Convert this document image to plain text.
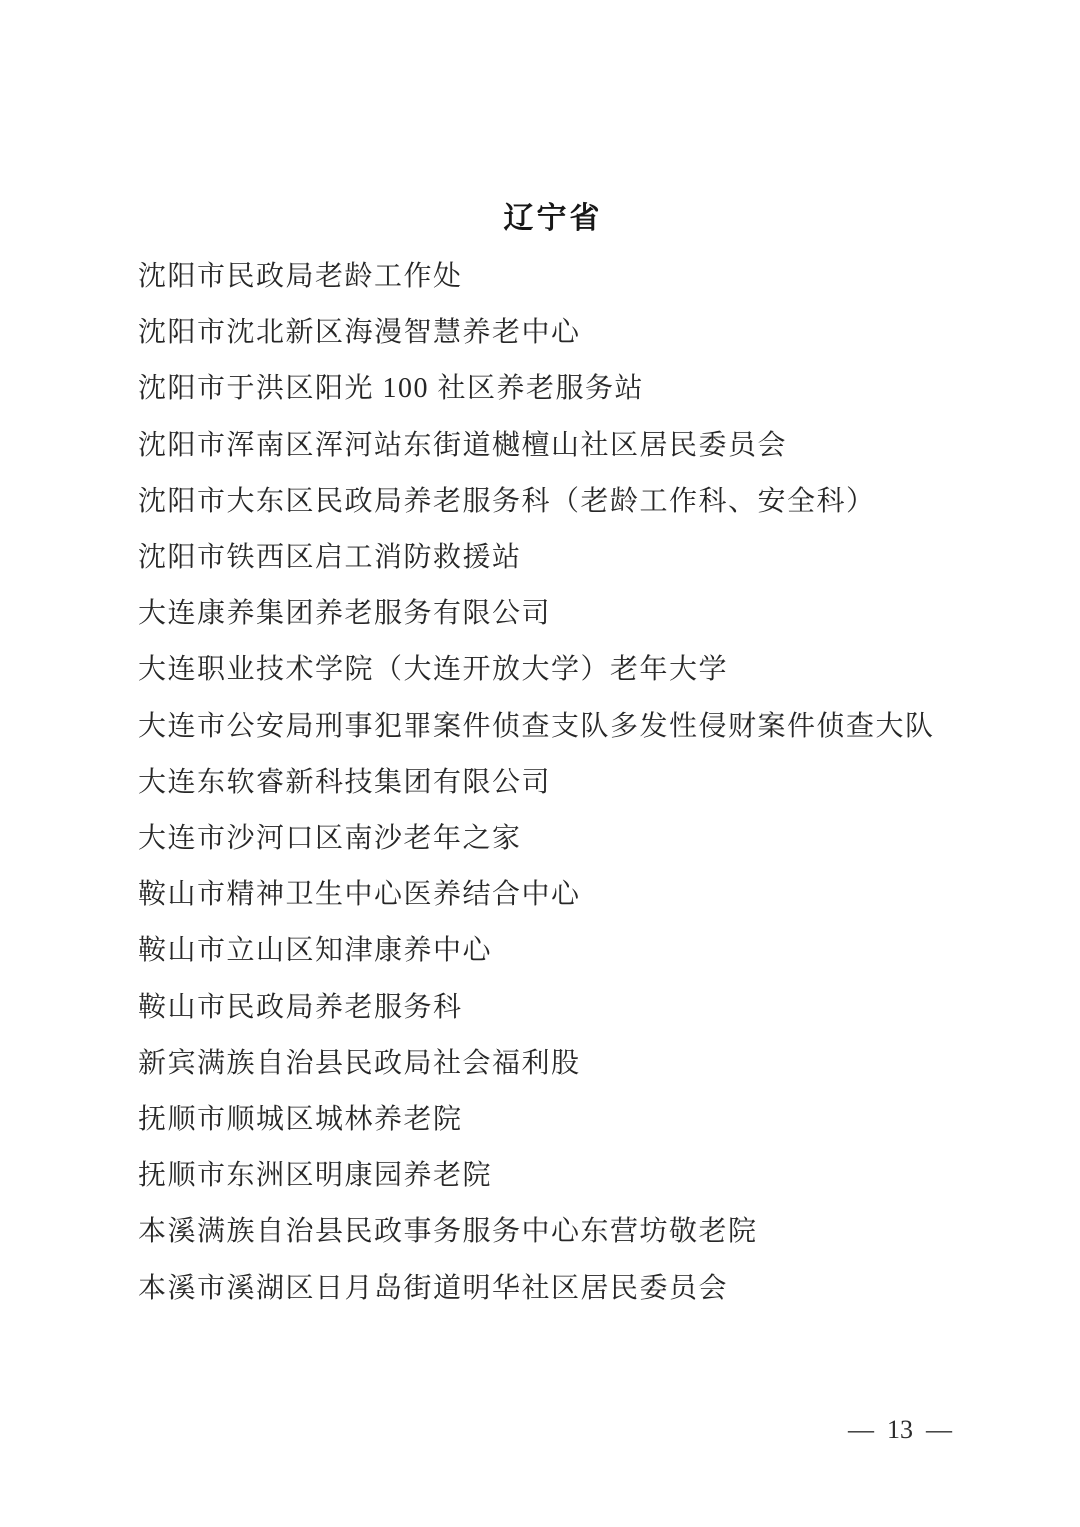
辽宁省

沈阳市民政局老龄工作处

沈阳市沈北新区海漫智慧养老中心

沈阳市于洪区阳光 100 社区养老服务站

沈阳市浑南区浑河站东街道樾檀山社区居民委员会

沈阳市大东区民政局养老服务科（老龄工作科、安全科）

沈阳市铁西区启工消防救援站

大连康养集团养老服务有限公司

大连职业技术学院（大连开放大学）老年大学

大连市公安局刑事犯罪案件侦查支队多发性侵财案件侦查大队

大连东软睿新科技集团有限公司

大连市沙河口区南沙老年之家

鞍山市精神卫生中心医养结合中心

鞍山市立山区知津康养中心

鞍山市民政局养老服务科

新宾满族自治县民政局社会福利股

抚顺市顺城区城林养老院

抚顺市东洲区明康园养老院

本溪满族自治县民政事务服务中心东营坊敬老院

本溪市溪湖区日月岛街道明华社区居民委员会

— 13 —
